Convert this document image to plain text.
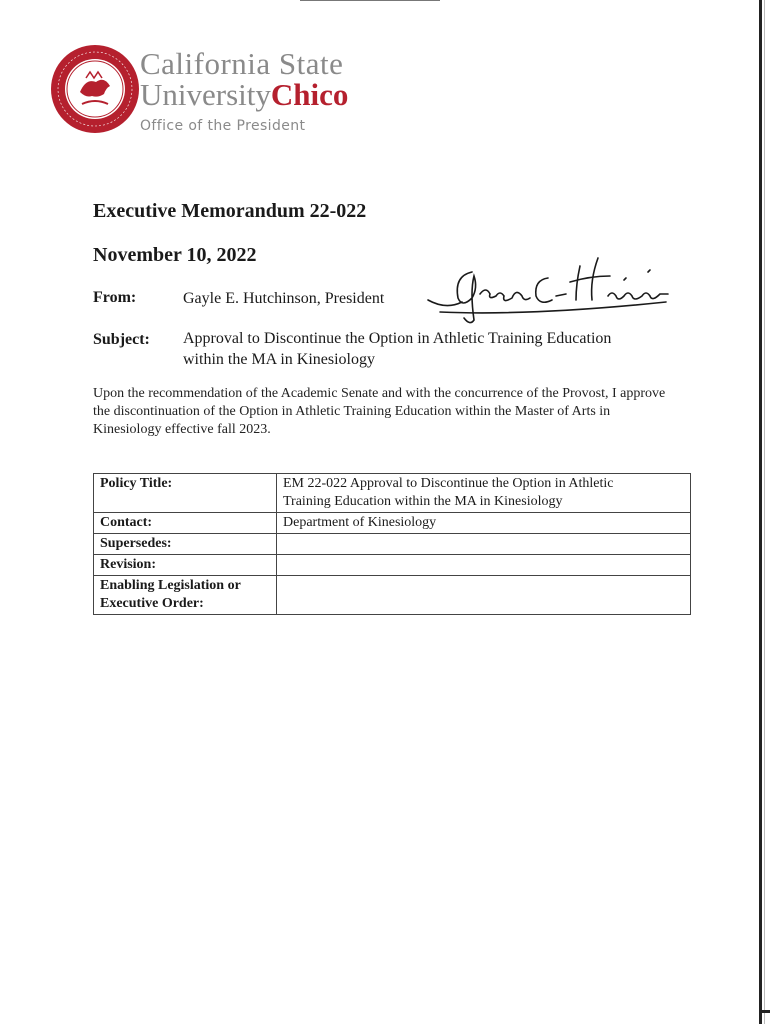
California State
UniversityChico
Office of the President
Executive Memorandum 22-022
November 10, 2022
From:	Gayle E. Hutchinson, President
Subject: Approval to Discontinue the Option in Athletic Training Education
within the MA in Kinesiology
Upon the recommendation of the Academic Senate and with the concurrence of the Provost, I approve the discontinuation of the Option in Athletic Training Education within the Master of Arts in Kinesiology effective fall 2023.
Policy Title:	EM 22-022 Approval to Discontinue the Option in Athletic
Training Education within the MA in Kinesiology

Contact:	Department of Kinesiology
Supersedes:	
Revision:	

Enabling Legislation or
Executive Order:	
